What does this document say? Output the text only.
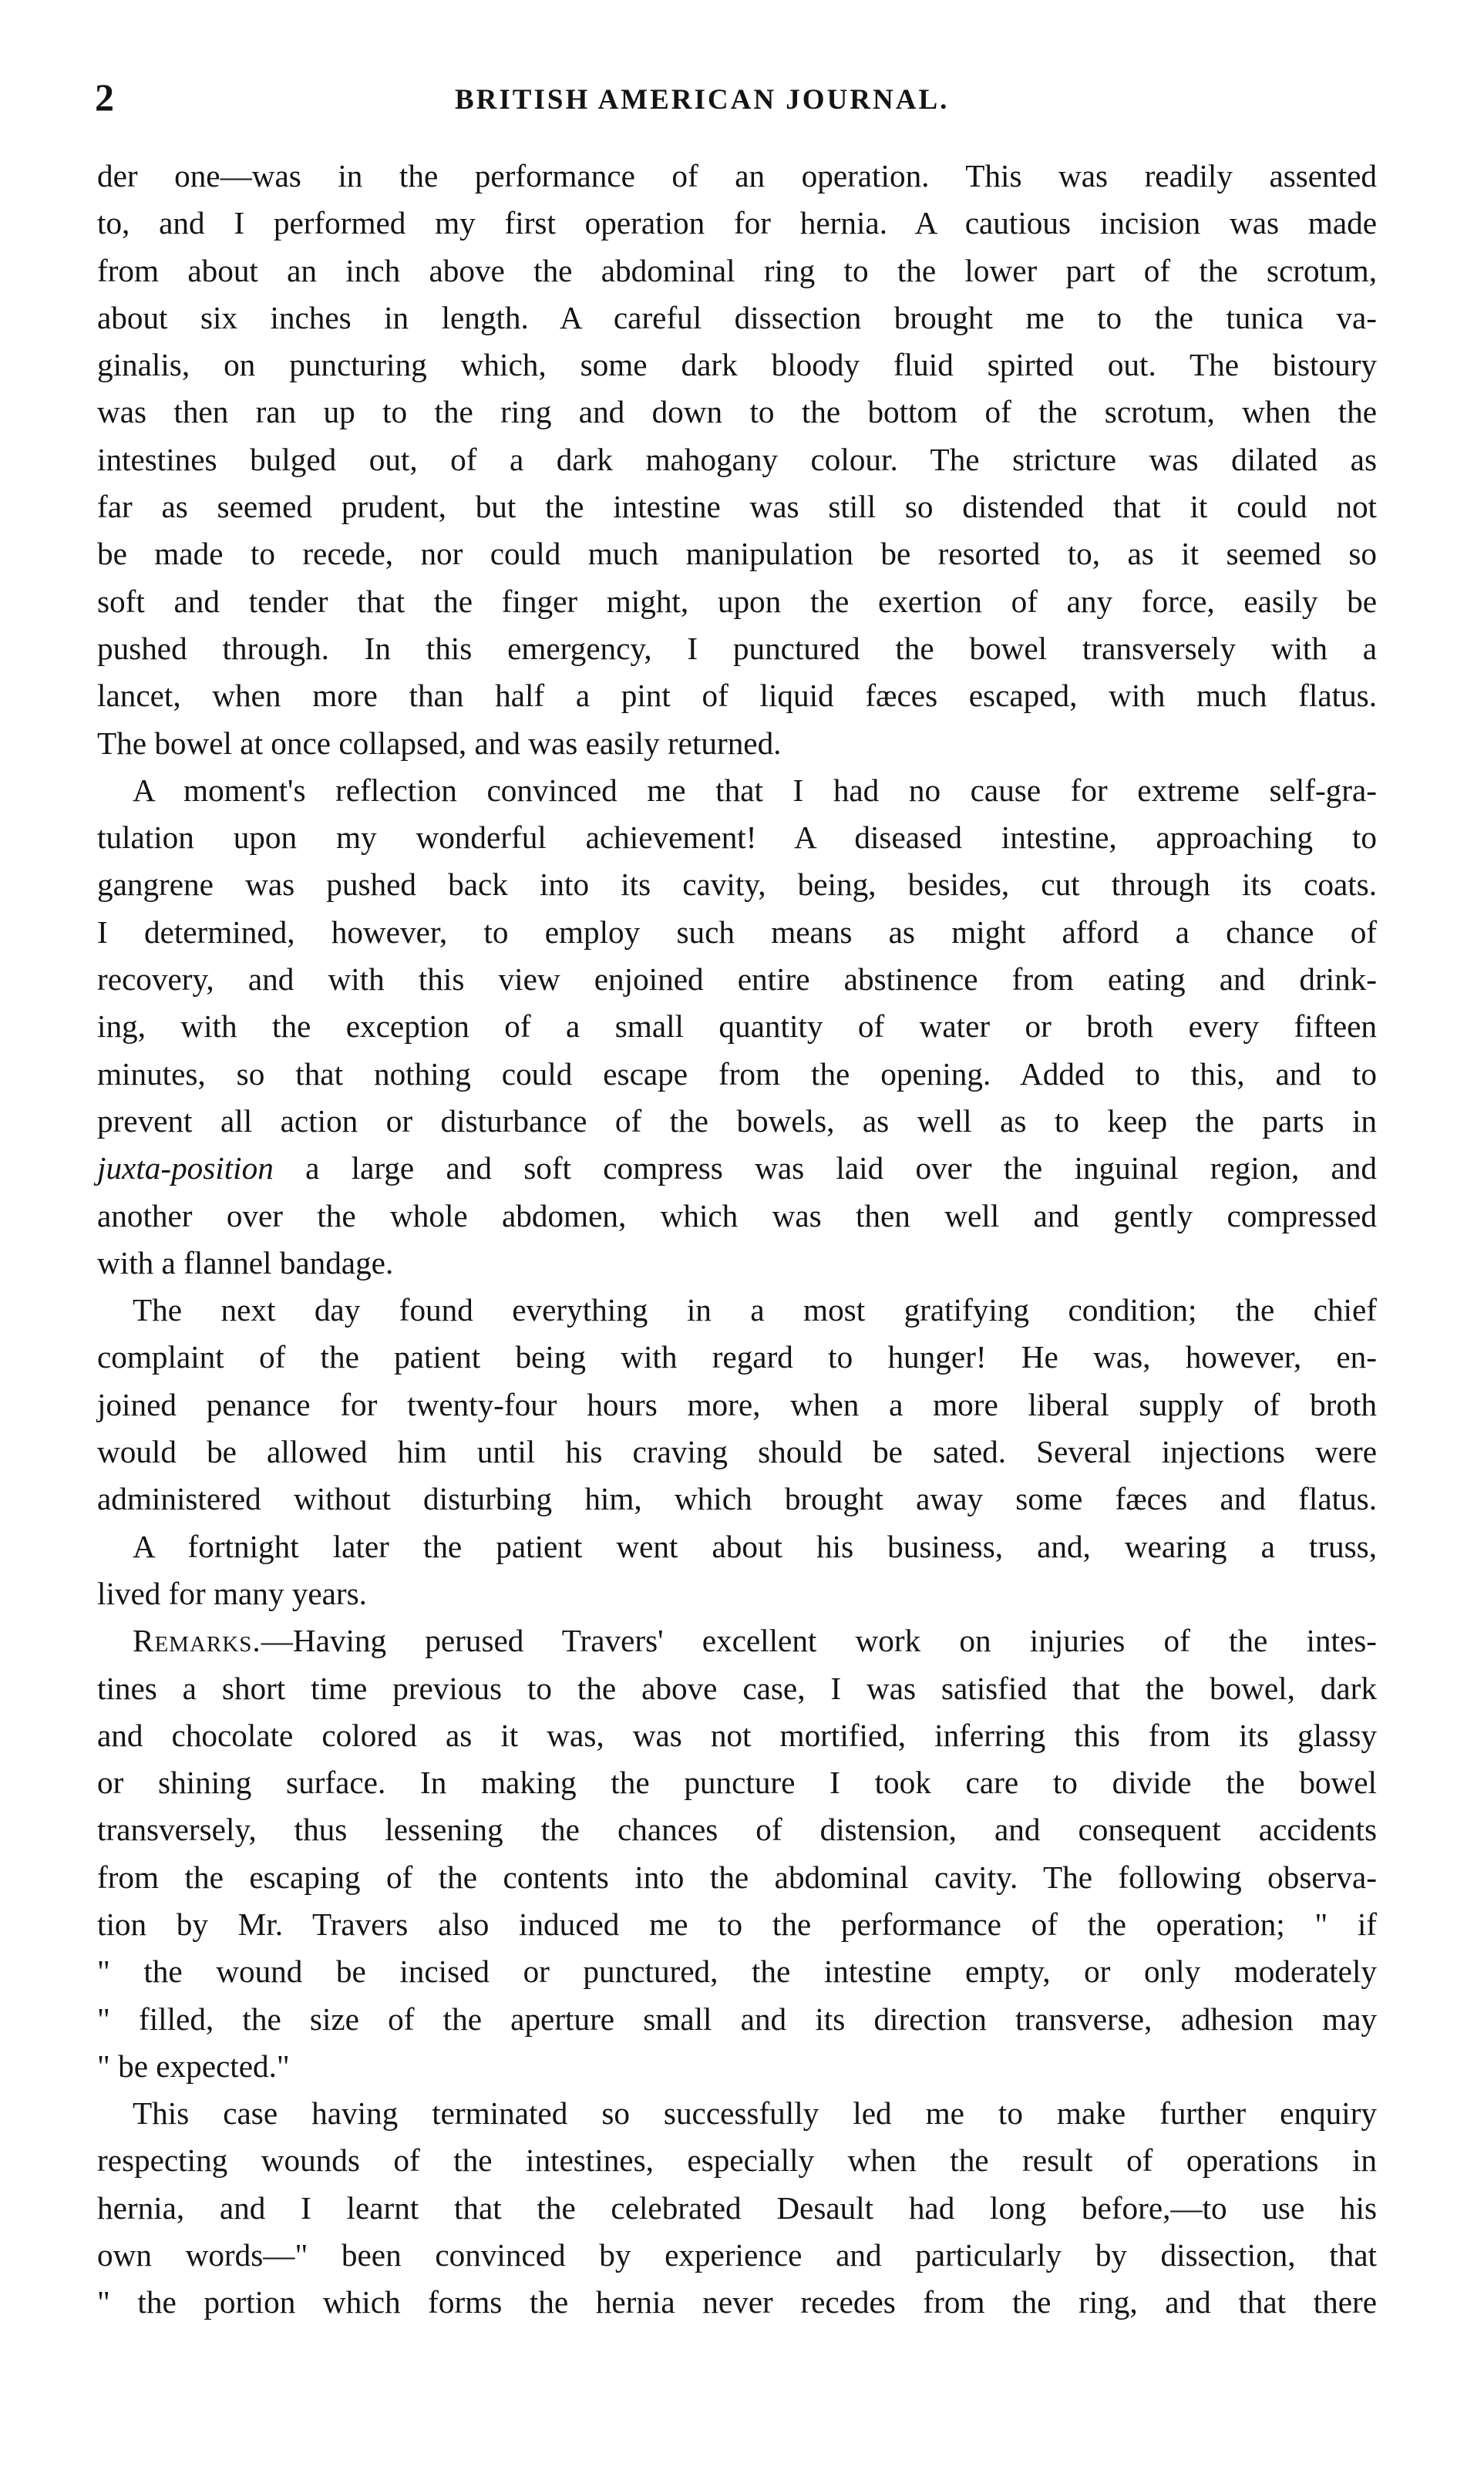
2	BRITISH AMERICAN JOURNAL.
der one—was in the performance of an operation. This was readily assented
to, and I performed my first operation for hernia. A cautious incision was made
from about an inch above the abdominal ring to the lower part of the scrotum,
about six inches in length. A careful dissection brought me to the tunica va-
ginalis, on puncturing which, some dark bloody fluid spirted out. The bistoury
was then ran up to the ring and down to the bottom of the scrotum, when the
intestines bulged out, of a dark mahogany colour. The stricture was dilated as
far as seemed prudent, but the intestine was still so distended that it could not
be made to recede, nor could much manipulation be resorted to, as it seemed so
soft and tender that the finger might, upon the exertion of any force, easily be
pushed through. In this emergency, I punctured the bowel transversely with a
lancet, when more than half a pint of liquid fæces escaped, with much flatus.
The bowel at once collapsed, and was easily returned.
A moment's reflection convinced me that I had no cause for extreme self-gra-
tulation upon my wonderful achievement! A diseased intestine, approaching to
gangrene was pushed back into its cavity, being, besides, cut through its coats.
I determined, however, to employ such means as might afford a chance of
recovery, and with this view enjoined entire abstinence from eating and drink-
ing, with the exception of a small quantity of water or broth every fifteen
minutes, so that nothing could escape from the opening. Added to this, and to
prevent all action or disturbance of the bowels, as well as to keep the parts in
juxta-position a large and soft compress was laid over the inguinal region, and
another over the whole abdomen, which was then well and gently compressed
with a flannel bandage.
The next day found everything in a most gratifying condition; the chief
complaint of the patient being with regard to hunger! He was, however, en-
joined penance for twenty-four hours more, when a more liberal supply of broth
would be allowed him until his craving should be sated. Several injections were
administered without disturbing him, which brought away some fæces and flatus.
A fortnight later the patient went about his business, and, wearing a truss,
lived for many years.
Remarks.—Having perused Travers' excellent work on injuries of the intes-
tines a short time previous to the above case, I was satisfied that the bowel, dark
and chocolate colored as it was, was not mortified, inferring this from its glassy
or shining surface. In making the puncture I took care to divide the bowel
transversely, thus lessening the chances of distension, and consequent accidents
from the escaping of the contents into the abdominal cavity. The following observa-
tion by Mr. Travers also induced me to the performance of the operation; " if
" the wound be incised or punctured, the intestine empty, or only moderately
" filled, the size of the aperture small and its direction transverse, adhesion may
" be expected."
This case having terminated so successfully led me to make further enquiry
respecting wounds of the intestines, especially when the result of operations in
hernia, and I learnt that the celebrated Desault had long before,—to use his
own words—" been convinced by experience and particularly by dissection, that
" the portion which forms the hernia never recedes from the ring, and that there
